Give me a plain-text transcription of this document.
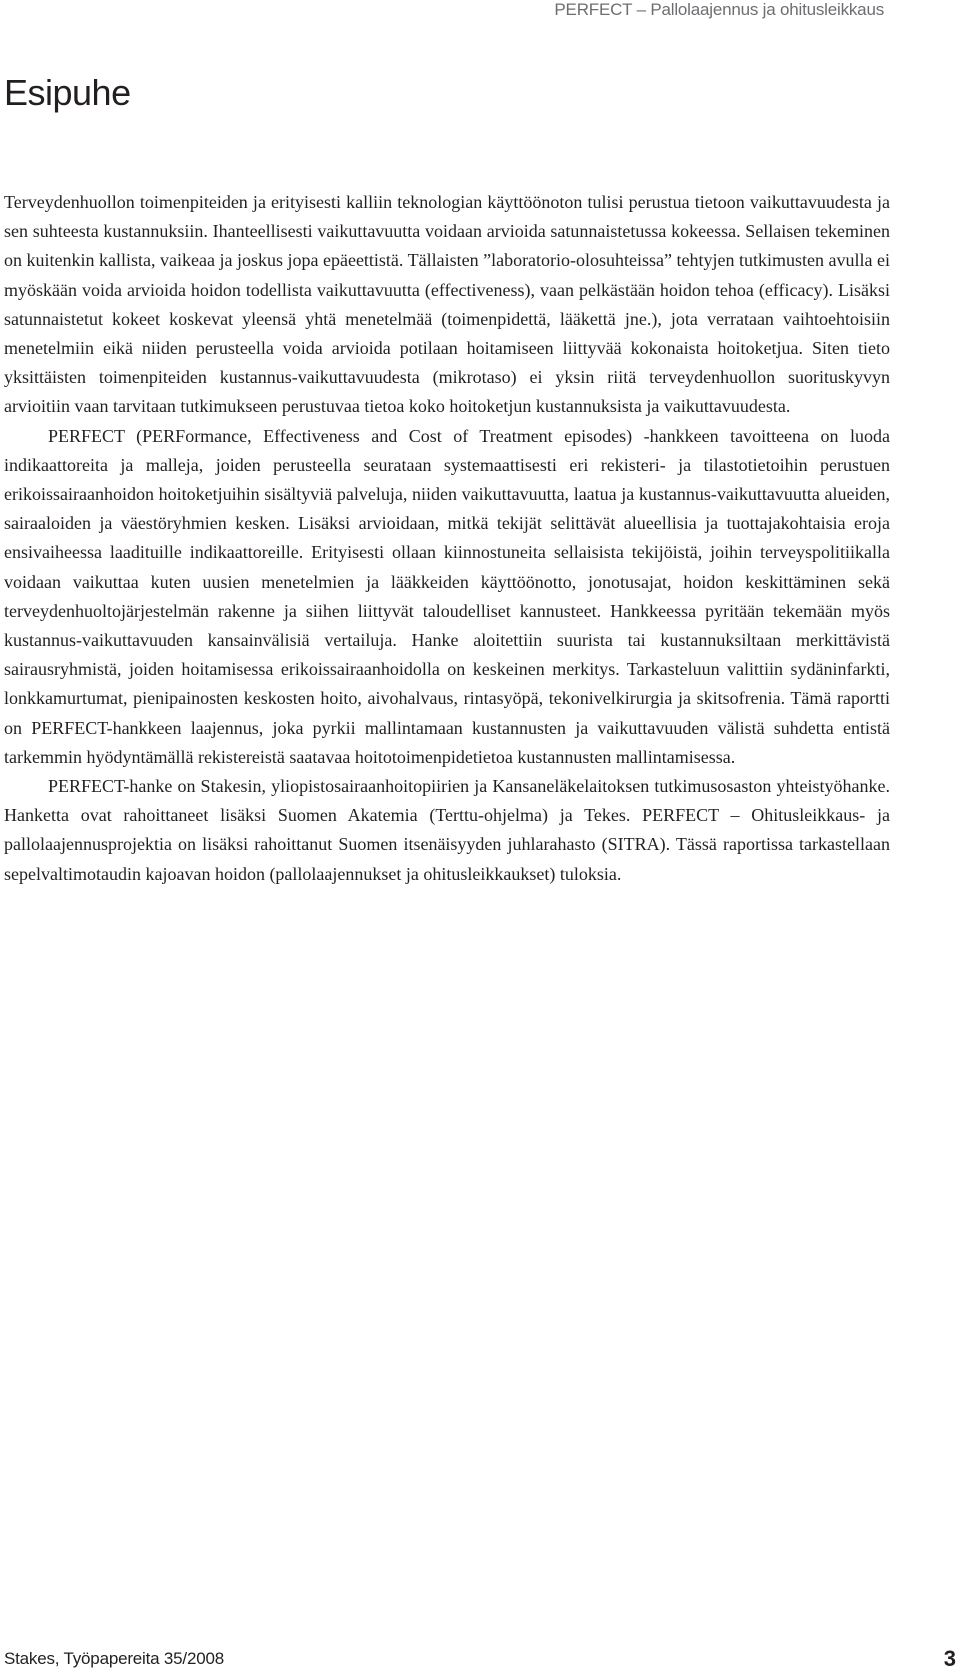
PERFECT – Pallolaajennus ja ohitusleikkaus
Esipuhe

Terveydenhuollon toimenpiteiden ja erityisesti kalliin teknologian käyttöönoton tulisi perustua tietoon vaikuttavuudesta ja sen suhteesta kustannuksiin. Ihanteellisesti vaikuttavuutta voidaan arvioida satunnaistetussa kokeessa. Sellaisen tekeminen on kuitenkin kallista, vaikeaa ja joskus jopa epäeettistä. Tällaisten ”laboratorio-olosuhteissa” tehtyjen tutkimusten avulla ei myöskään voida arvioida hoidon todellista vaikuttavuutta (effectiveness), vaan pelkästään hoidon tehoa (efficacy). Lisäksi satunnaistetut kokeet koskevat yleensä yhtä menetelmää (toimenpidettä, lääkettä jne.), jota verrataan vaihtoehtoisiin menetelmiin eikä niiden perusteella voida arvioida potilaan hoitamiseen liittyvää kokonaista hoitoketjua. Siten tieto yksittäisten toimenpiteiden kustannus-vaikuttavuudesta (mikrotaso) ei yksin riitä terveydenhuollon suorituskyvyn arvioitiin vaan tarvitaan tutkimukseen perustuvaa tietoa koko hoitoketjun kustannuksista ja vaikuttavuudesta.

PERFECT (PERFormance, Effectiveness and Cost of Treatment episodes) -hankkeen tavoitteena on luoda indikaattoreita ja malleja, joiden perusteella seurataan systemaattisesti eri rekisteri- ja tilastotietoihin perustuen erikoissairaanhoidon hoitoketjuihin sisältyviä palveluja, niiden vaikuttavuutta, laatua ja kustannus-vaikuttavuutta alueiden, sairaaloiden ja väestöryhmien kesken. Lisäksi arvioidaan, mitkä tekijät selittävät alueellisia ja tuottajakohtaisia eroja ensivaiheessa laadituille indikaattoreille. Erityisesti ollaan kiinnostuneita sellaisista tekijöistä, joihin terveyspolitiikalla voidaan vaikuttaa kuten uusien menetelmien ja lääkkeiden käyttöönotto, jonotusajat, hoidon keskittäminen sekä terveydenhuoltojärjestelmän rakenne ja siihen liittyvät taloudelliset kannusteet. Hankkeessa pyritään tekemään myös kustannus-vaikuttavuuden kansainvälisiä vertailuja. Hanke aloitettiin suurista tai kustannuksiltaan merkittävistä sairausryhmistä, joiden hoitamisessa erikoissairaanhoidolla on keskeinen merkitys. Tarkasteluun valittiin sydäninfarkti, lonkkamurtumat, pienipainosten keskosten hoito, aivohalvaus, rintasyöpä, tekonivelkirurgia ja skitsofrenia. Tämä raportti on PERFECT-hankkeen laajennus, joka pyrkii mallintamaan kustannusten ja vaikuttavuuden välistä suhdetta entistä tarkemmin hyödyntämällä rekistereistä saatavaa hoitotoimenpidetietoa kustannusten mallintamisessa.

PERFECT-hanke on Stakesin, yliopistosairaanhoitopiirien ja Kansaneläkelaitoksen tutkimusosaston yhteistyöhanke. Hanketta ovat rahoittaneet lisäksi Suomen Akatemia (Terttu-ohjelma) ja Tekes. PERFECT – Ohitusleikkaus- ja pallolaajennusprojektia on lisäksi rahoittanut Suomen itsenäisyyden juhlarahasto (SITRA). Tässä raportissa tarkastellaan sepelvaltimotaudin kajoavan hoidon (pallolaajennukset ja ohitusleikkaukset) tuloksia.

Stakes, Työpapereita 35/2008	3
